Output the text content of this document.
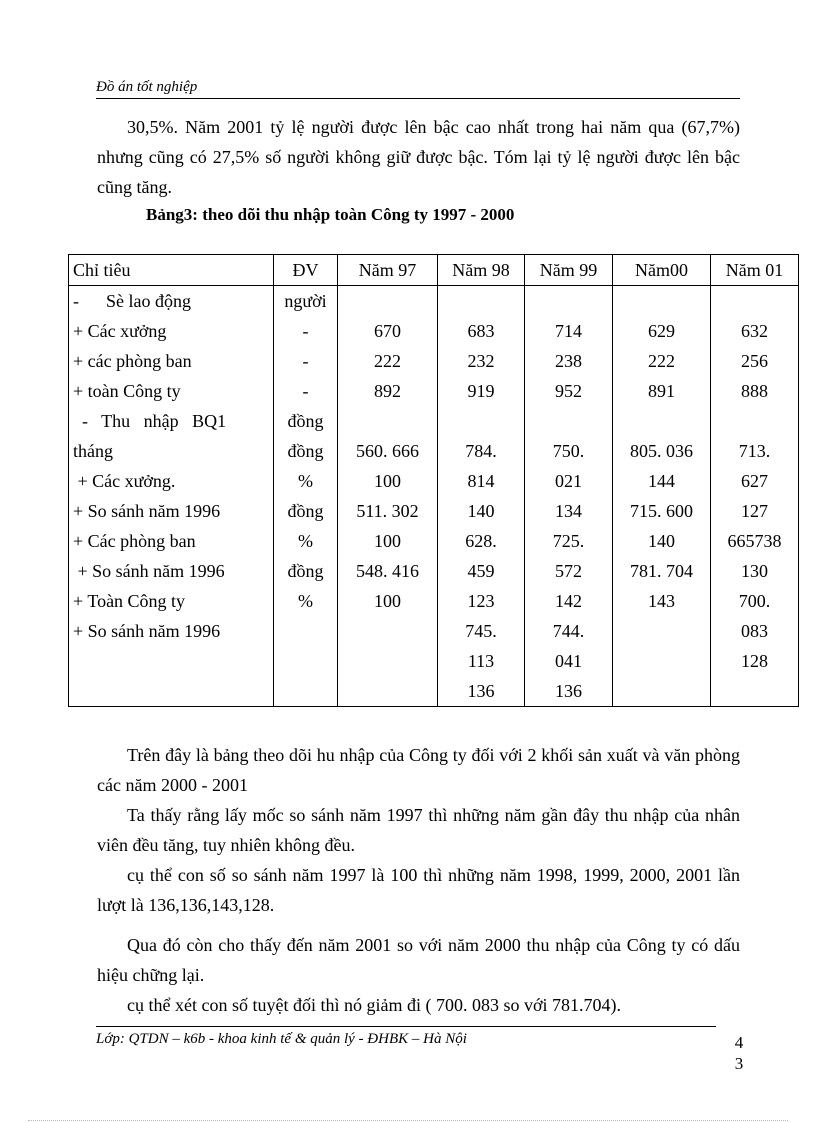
Đồ án tốt nghiệp

30,5%. Năm 2001 tỷ lệ người được lên bậc cao nhất trong hai năm qua (67,7%) nhưng cũng có 27,5% số người không giữ được bậc. Tóm lại tỷ lệ người được lên bậc cũng tăng.

Bảng3: theo dõi thu nhập toàn Công ty 1997 - 2000
Chỉ tiêu	ĐV	Năm 97	Năm 98	Năm 99	Năm00	Năm 01
-      Sè lao động	người					
+ Các xưởng	-	670	683	714	629	632
+ các phòng ban	-	222	232	238	222	256
+ toàn Công ty	-	892	919	952	891	888
-   Thu   nhập   BQ1	đồng					
tháng	đồng	560. 666	784.	750.	805. 036	713.
+ Các xưởng.	%	100	814	021	144	627
+ So sánh năm 1996	đồng	511. 302	140	134	715. 600	127
+ Các phòng ban	%	100	628.	725.	140	665738
+ So sánh năm 1996	đồng	548. 416	459	572	781. 704	130
+ Toàn Công ty	%	100	123	142	143	700.
+ So sánh năm 1996			745.	744.		083
			113	041		128
			136	136		

Trên đây là bảng theo dõi hu nhập của Công ty đối với 2 khối sản xuất và văn phòng các năm 2000 - 2001

Ta thấy rằng lấy mốc so sánh năm 1997 thì những năm gần đây thu nhập của nhân viên đều tăng, tuy nhiên không đều.

cụ thể con số so sánh năm 1997 là 100 thì những năm 1998, 1999, 2000, 2001 lần lượt là 136,136,143,128.

Qua đó còn cho thấy đến năm 2001 so với năm 2000 thu nhập của Công ty có dấu hiệu chững lại.

cụ thể xét con số tuyệt đối thì nó giảm đi ( 700. 083 so với 781.704).

Lớp: QTDN – k6b - khoa kinh tế & quản lý - ĐHBK – Hà Nội	4
3
